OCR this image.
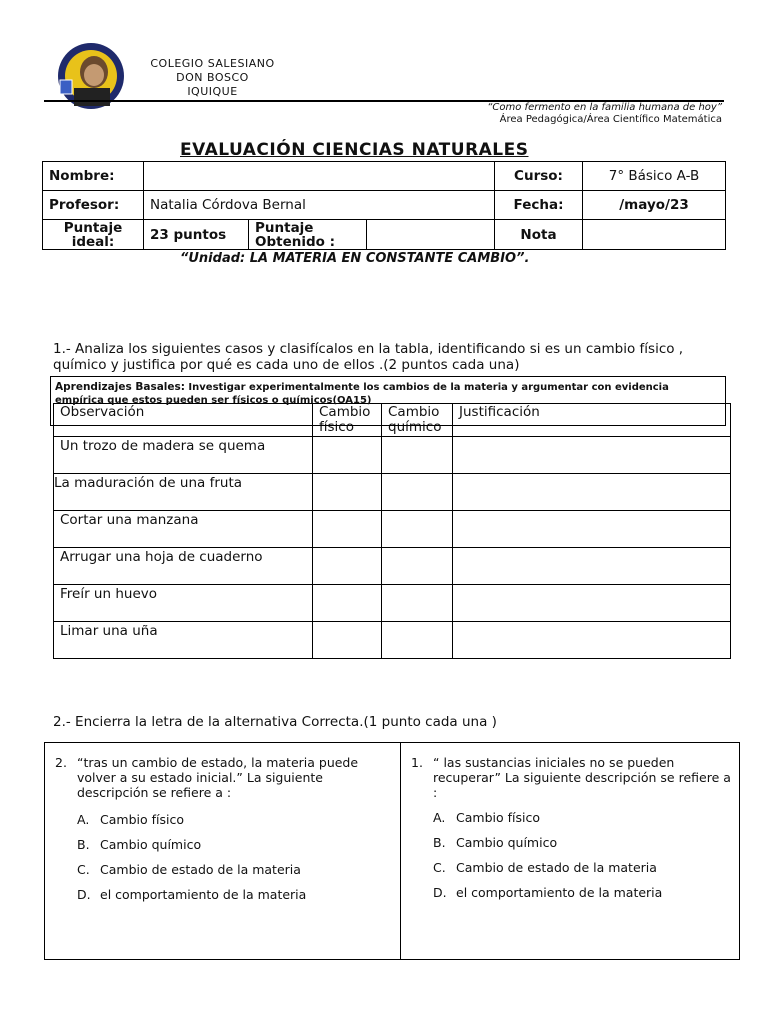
COLEGIO SALESIANO
DON BOSCO
IQUIQUE
“Como fermento en la familia humana de hoy”
Área Pedagógica/Área Científico Matemática
EVALUACIÓN CIENCIAS NATURALES
Nombre:				Curso:	7° Básico A-B
Profesor:	Natalia Córdova Bernal			Fecha:	/mayo/23
Puntaje ideal:	23 puntos	Puntaje Obtenido :		Nota	
“Unidad: LA MATERIA EN CONSTANTE CAMBIO”.
1.- Analiza los siguientes casos y clasifícalos en la tabla, identificando si es un cambio físico , químico y justifica por qué es cada uno de ellos .(2 puntos cada una)
Observación	Cambio físico	Cambio químico	Justificación
Un trozo de madera se quema			
La maduración de una fruta			
Cortar una manzana			
Arrugar una hoja de cuaderno			
Freír un huevo			
Limar una uña			
Aprendizajes Basales: Investigar experimentalmente los cambios de la materia y argumentar con evidencia empírica que estos pueden ser físicos o químicos(OA15)
2.- Encierra la letra de la alternativa Correcta.(1 punto cada una )
2. “tras un cambio de estado, la materia puede volver a su estado inicial.” La siguiente descripción se refiere a :
A. Cambio físico
B. Cambio químico
C. Cambio de estado de la materia
D. el comportamiento de la materia
1. “ las sustancias iniciales no se pueden recuperar” La siguiente descripción se refiere a :
A. Cambio físico
B. Cambio químico
C. Cambio de estado de la materia
D. el comportamiento de la materia
